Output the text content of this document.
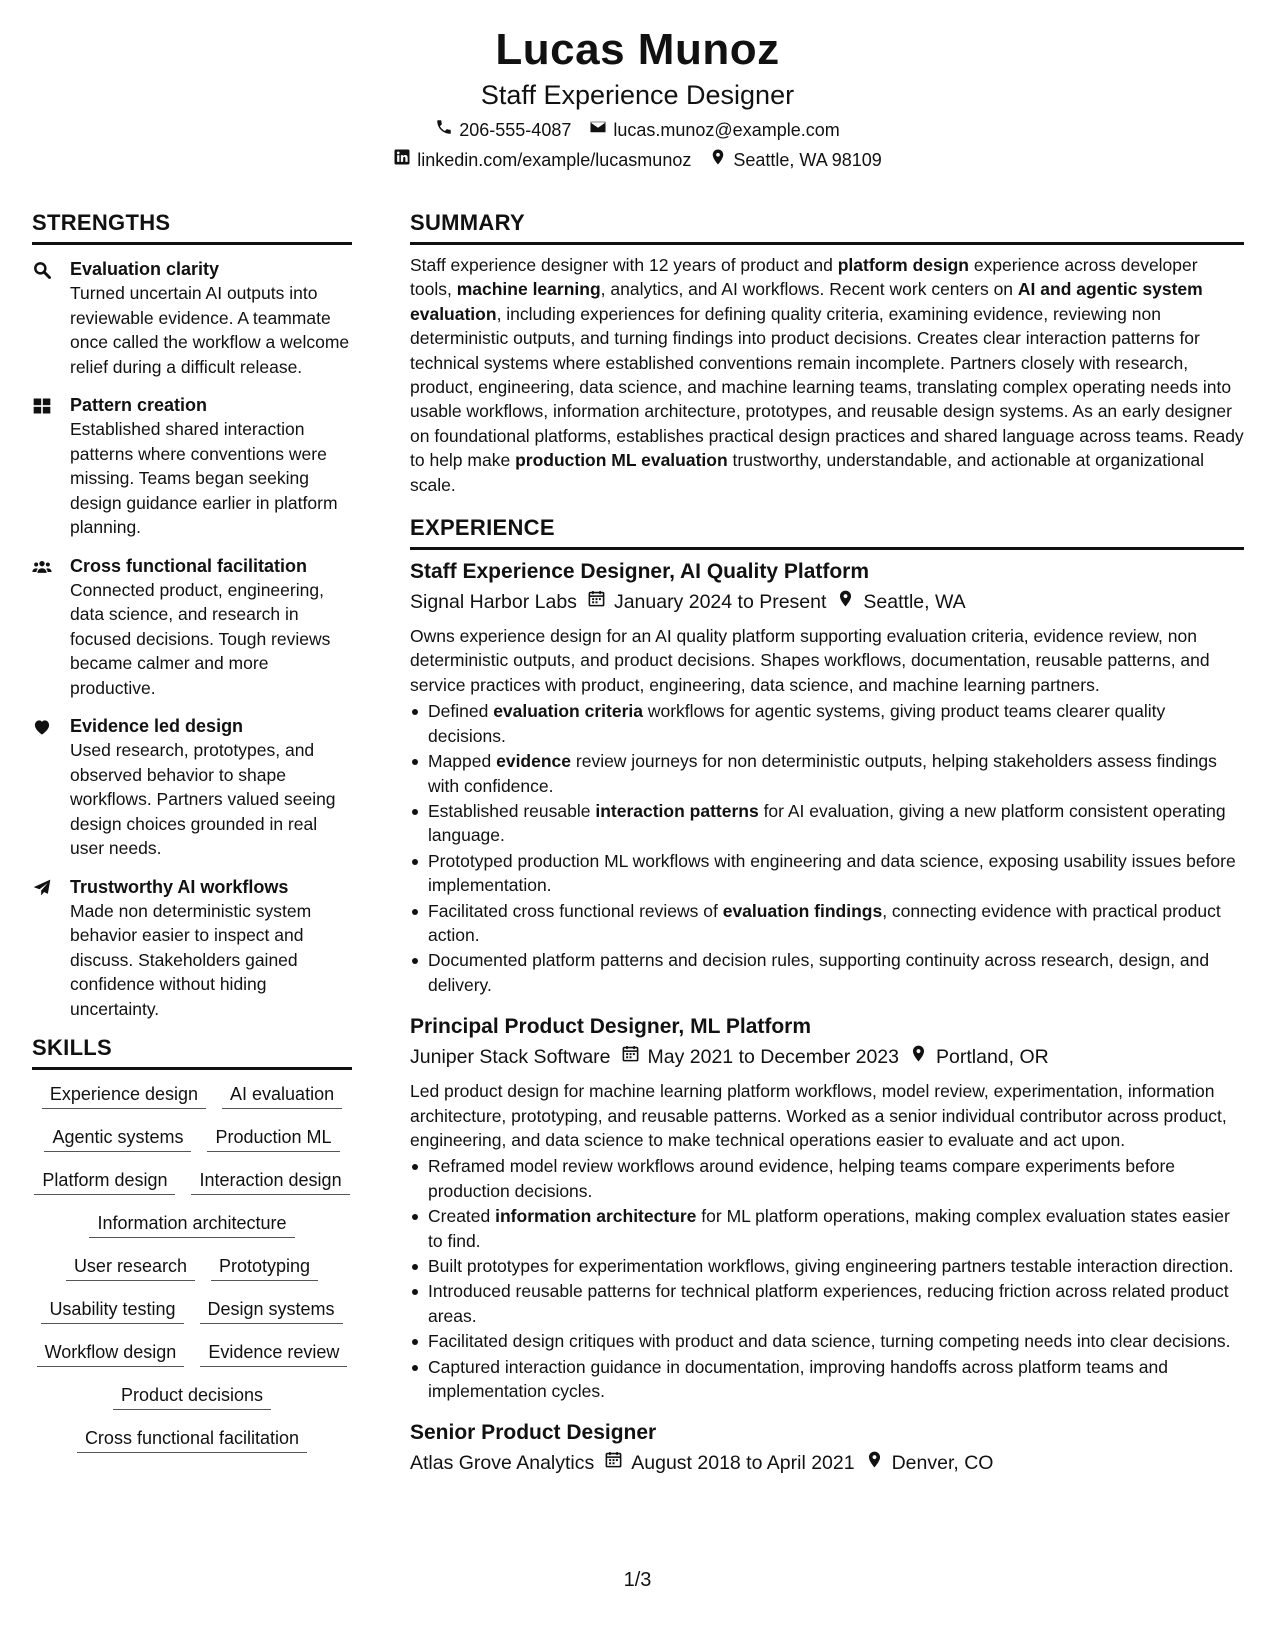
Lucas Munoz
Staff Experience Designer
206-555-4087 lucas.munoz@example.com
linkedin.com/example/lucasmunoz Seattle, WA 98109
STRENGTHS
Evaluation clarity
Turned uncertain AI outputs into reviewable evidence. A teammate once called the workflow a welcome relief during a difficult release.
Pattern creation
Established shared interaction patterns where conventions were missing. Teams began seeking design guidance earlier in platform planning.
Cross functional facilitation
Connected product, engineering, data science, and research in focused decisions. Tough reviews became calmer and more productive.
Evidence led design
Used research, prototypes, and observed behavior to shape workflows. Partners valued seeing design choices grounded in real user needs.
Trustworthy AI workflows
Made non deterministic system behavior easier to inspect and discuss. Stakeholders gained confidence without hiding uncertainty.
SKILLS
Experience design	AI evaluation
Agentic systems	Production ML
Platform design	Interaction design
Information architecture
User research	Prototyping
Usability testing	Design systems
Workflow design	Evidence review
Product decisions
Cross functional facilitation
SUMMARY
Staff experience designer with 12 years of product and platform design experience across developer tools, machine learning, analytics, and AI workflows. Recent work centers on AI and agentic system evaluation, including experiences for defining quality criteria, examining evidence, reviewing non deterministic outputs, and turning findings into product decisions. Creates clear interaction patterns for technical systems where established conventions remain incomplete. Partners closely with research, product, engineering, data science, and machine learning teams, translating complex operating needs into usable workflows, information architecture, prototypes, and reusable design systems. As an early designer on foundational platforms, establishes practical design practices and shared language across teams. Ready to help make production ML evaluation trustworthy, understandable, and actionable at organizational scale.
EXPERIENCE
Staff Experience Designer, AI Quality Platform
Signal Harbor Labs January 2024 to Present Seattle, WA
Owns experience design for an AI quality platform supporting evaluation criteria, evidence review, non deterministic outputs, and product decisions. Shapes workflows, documentation, reusable patterns, and service practices with product, engineering, data science, and machine learning partners.
Defined evaluation criteria workflows for agentic systems, giving product teams clearer quality decisions.
Mapped evidence review journeys for non deterministic outputs, helping stakeholders assess findings with confidence.
Established reusable interaction patterns for AI evaluation, giving a new platform consistent operating language.
Prototyped production ML workflows with engineering and data science, exposing usability issues before implementation.
Facilitated cross functional reviews of evaluation findings, connecting evidence with practical product action.
Documented platform patterns and decision rules, supporting continuity across research, design, and delivery.
Principal Product Designer, ML Platform
Juniper Stack Software May 2021 to December 2023 Portland, OR
Led product design for machine learning platform workflows, model review, experimentation, information architecture, prototyping, and reusable patterns. Worked as a senior individual contributor across product, engineering, and data science to make technical operations easier to evaluate and act upon.
Reframed model review workflows around evidence, helping teams compare experiments before production decisions.
Created information architecture for ML platform operations, making complex evaluation states easier to find.
Built prototypes for experimentation workflows, giving engineering partners testable interaction direction.
Introduced reusable patterns for technical platform experiences, reducing friction across related product areas.
Facilitated design critiques with product and data science, turning competing needs into clear decisions.
Captured interaction guidance in documentation, improving handoffs across platform teams and implementation cycles.
Senior Product Designer
Atlas Grove Analytics August 2018 to April 2021 Denver, CO
1/3
